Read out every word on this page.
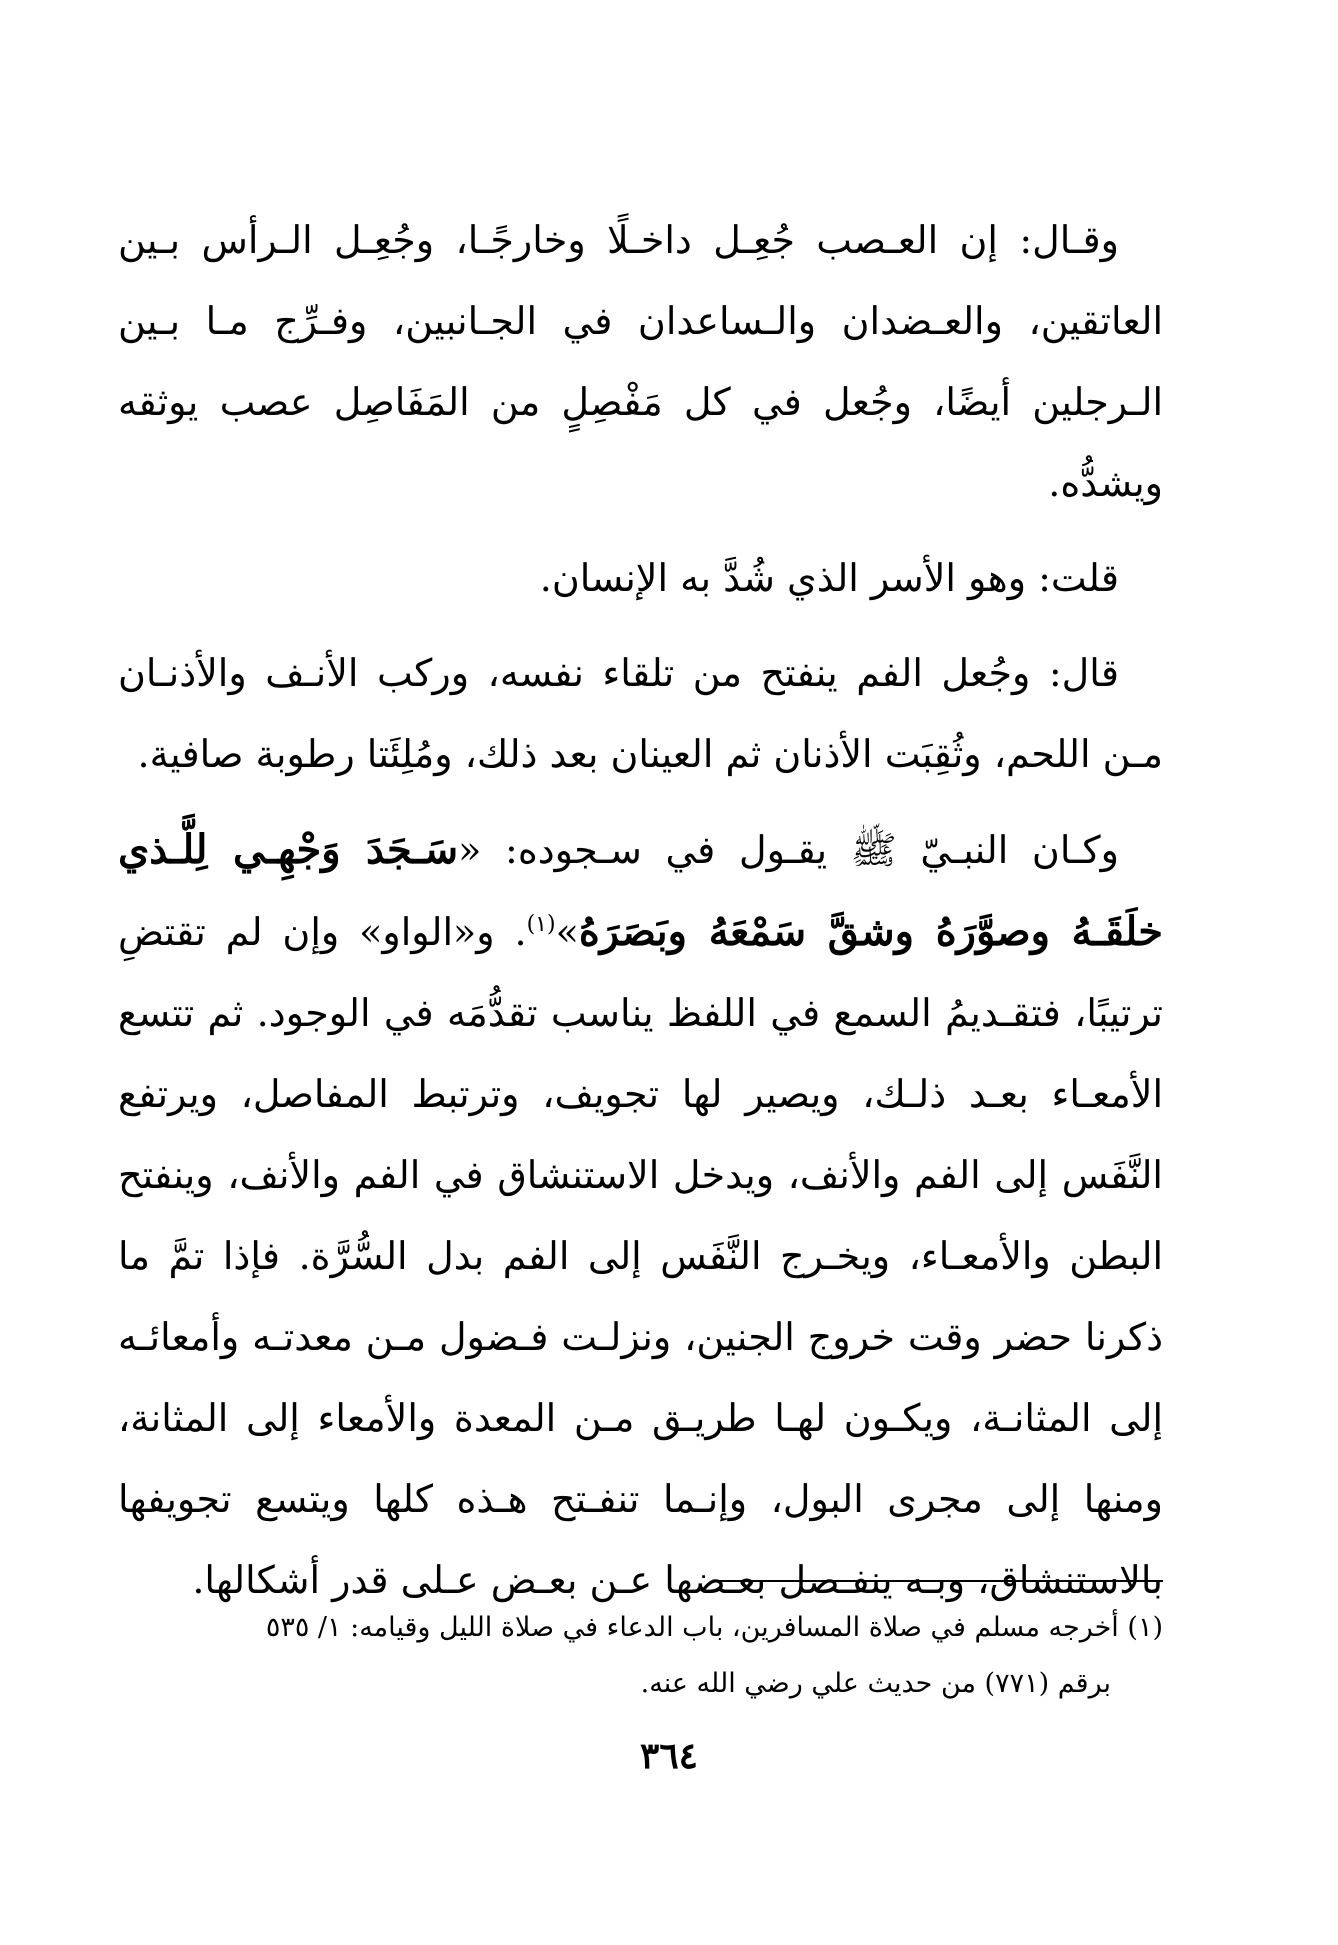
وقـال: إن العـصب جُعِـل داخـلًا وخارجًـا، وجُعِـل الـرأس بـين العاتقين، والعـضدان والـساعدان في الجـانبين، وفـرِّج مـا بـين الـرجلين أيضًا، وجُعل في كل مَفْصِلٍ من المَفَاصِل عصب يوثقه ويشدُّه.

قلت: وهو الأسر الذي شُدَّ به الإنسان.

قال: وجُعل الفم ينفتح من تلقاء نفسه، وركب الأنـف والأذنـان مـن اللحم، وثُقِبَت الأذنان ثم العينان بعد ذلك، ومُلِئَتا رطوبة صافية.

وكـان النبـيّ ﷺ يقـول في سـجوده: «سَـجَدَ وَجْهِـي لِلَّـذي خلَقَـهُ وصوَّرَهُ وشقَّ سَمْعَهُ وبَصَرَهُ»$^{(١)}$. و«الواو» وإن لم تقتضِ ترتيبًا، فتقـديمُ السمع في اللفظ يناسب تقدُّمَه في الوجود. ثم تتسع الأمعـاء بعـد ذلـك، ويصير لها تجويف، وترتبط المفاصل، ويرتفع النَّفَس إلى الفم والأنف، ويدخل الاستنشاق في الفم والأنف، وينفتح البطن والأمعـاء، ويخـرج النَّفَس إلى الفم بدل السُّرَّة. فإذا تمَّ ما ذكرنا حضر وقت خروج الجنين، ونزلـت فـضول مـن معدتـه وأمعائـه إلى المثانـة، ويكـون لهـا طريـق مـن المعدة والأمعاء إلى المثانة، ومنها إلى مجرى البول، وإنـما تنفـتح هـذه كلها ويتسع تجويفها بالاستنشاق، وبـه ينفـصل بعـضها عـن بعـض عـلى قدر أشكالها.

(١) أخرجه مسلم في صلاة المسافرين، باب الدعاء في صلاة الليل وقيامه: ١/ ٥٣٥

برقم (٧٧١) من حديث علي رضي الله عنه.

٣٦٤
